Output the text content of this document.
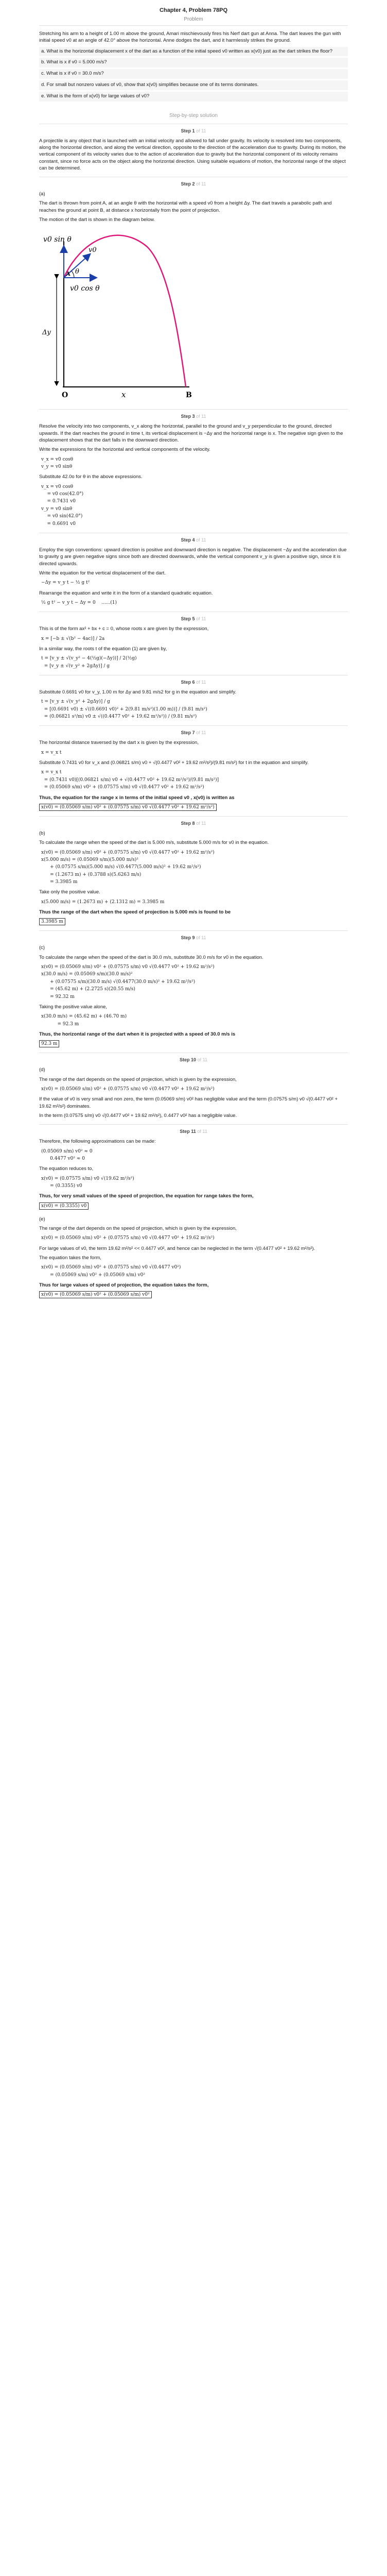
Chapter 4, Problem 78PQ
Problem

Stretching his arm to a height of 1.00 m above the ground, Amari mischievously fires his Nerf dart gun at Anna. The dart leaves the gun with initial speed v0 at an angle of 42.0° above the horizontal. Anne dodges the dart, and it harmlessly strikes the ground.

a. What is the horizontal displacement x of the dart as a function of the initial speed v0 written as x(v0) just as the dart strikes the floor?

b. What is x if v0 = 5.000 m/s?

c. What is x if v0 = 30.0 m/s?

d. For small but nonzero values of v0, show that x(v0) simplifies because one of its terms dominates.

e. What is the form of x(v0) for large values of v0?

Step-by-step solution
Step 1 of 11

A projectile is any object that is launched with an initial velocity and allowed to fall under gravity. Its velocity is resolved into two components, along the horizontal direction, and along the vertical direction, opposite to the direction of the acceleration due to gravity. During its motion, the vertical component of its velocity varies due to the action of acceleration due to gravity but the horizontal component of its velocity remains constant, since no force acts on the object along the horizontal direction. Using suitable equations of motion, the horizontal range of the object can be determined.

Step 2 of 11

(a)

The dart is thrown from point A, at an angle θ with the horizontal with a speed v0 from a height Δy. The dart travels a parabolic path and reaches the ground at point B, at distance x horizontally from the point of projection.

The motion of the dart is shown in the diagram below.

v0 sin θ
v0
θ
v0 cos θ
Δy
A
O	x	B
Step 3 of 11

Resolve the velocity into two components, v_x along the horizontal, parallel to the ground and v_y perpendicular to the ground, directed upwards. If the dart reaches the ground in time t, its vertical displacement is −Δy and the horizontal range is x. The negative sign given to the displacement shows that the dart falls in the downward direction.

Write the expressions for the horizontal and vertical components of the velocity.

v_x = v0 cosθ
v_y = v0 sinθ

Substitute 42.0o for θ in the above expressions.

v_x = v0 cosθ
= v0 cos(42.0°)
= 0.7431 v0
v_y = v0 sinθ
= v0 sin(42.0°)
= 0.6691 v0
Step 4 of 11

Employ the sign conventions: upward direction is positive and downward direction is negative. The displacement −Δy and the acceleration due to gravity g are given negative signs since both are directed downwards, while the vertical component v_y is given a positive sign, since it is directed upwards.

Write the equation for the vertical displacement of the dart.

−Δy = v_y t − ½ g t²

Rearrange the equation and write it in the form of a standard quadratic equation.

½ g t² − v_y t − Δy = 0    ......(1)
Step 5 of 11

This is of the form ax² + bx + c = 0, whose roots x are given by the expression,

x = [−b ± √(b² − 4ac)] / 2a

In a similar way, the roots t of the equation (1) are given by,

t = [v_y ± √(v_y² − 4(½g)(−Δy))] / 2(½g)
= [v_y ± √(v_y² + 2gΔy)] / g
Step 6 of 11

Substitute 0.6691 v0 for v_y, 1.00 m for Δy and 9.81 m/s2 for g in the equation and simplify.

t = [v_y ± √(v_y² + 2gΔy)] / g
= [(0.6691 v0) ± √((0.6691 v0)² + 2(9.81 m/s²)(1.00 m))] / (9.81 m/s²)
= (0.06821 s²/m) v0 ± √((0.4477 v0² + 19.62 m²/s²)) / (9.81 m/s²)
Step 7 of 11

The horizontal distance traversed by the dart x is given by the expression,

x = v_x t

Substitute 0.7431 v0 for v_x and (0.06821 s/m) v0 + √(0.4477 v0² + 19.62 m²/s²)/(9.81 m/s²) for t in the equation and simplify.

x = v_x t
= (0.7431 v0)[(0.06821 s/m) v0 + √(0.4477 v0² + 19.62 m²/s²)/(9.81 m/s²)]
= (0.05069 s/m) v0² + (0.07575 s/m) v0 √(0.4477 v0² + 19.62 m²/s²)

Thus, the equation for the range x in terms of the initial speed v0 , x(v0) is written as

x(v0) = (0.05069 s/m) v0² + (0.07575 s/m) v0 √(0.4477 v0² + 19.62 m²/s²)
Step 8 of 11

(b)

To calculate the range when the speed of the dart is 5.000 m/s, substitute 5.000 m/s for v0 in the equation.

x(v0) = (0.05069 s/m) v0² + (0.07575 s/m) v0 √(0.4477 v0² + 19.62 m²/s²)
x(5.000 m/s) = (0.05069 s/m)(5.000 m/s)²
+ (0.07575 s/m)(5.000 m/s) √(0.4477(5.000 m/s)² + 19.62 m²/s²)
= (1.2673 m) + (0.3788 s)(5.6263 m/s)
= 3.3985 m

Take only the positive value.

x(5.000 m/s) = (1.2673 m) + (2.1312 m) = 3.3985 m

Thus the range of the dart when the speed of projection is 5.000 m/s is found to be

3.3985 m
Step 9 of 11

(c)

To calculate the range when the speed of the dart is 30.0 m/s, substitute 30.0 m/s for v0 in the equation.

x(v0) = (0.05069 s/m) v0² + (0.07575 s/m) v0 √(0.4477 v0² + 19.62 m²/s²)
x(30.0 m/s) = (0.05069 s/m)(30.0 m/s)²
+ (0.07575 s/m)(30.0 m/s) √(0.4477(30.0 m/s)² + 19.62 m²/s²)
= (45.62 m) + (2.2725 s)(20.55 m/s)
= 92.32 m

Taking the positive value alone,

x(30.0 m/s) = (45.62 m) + (46.70 m)
= 92.3 m

Thus, the horizontal range of the dart when it is projected with a speed of 30.0 m/s is

92.3 m
Step 10 of 11

(d)

The range of the dart depends on the speed of projection, which is given by the expression,

x(v0) = (0.05069 s/m) v0² + (0.07575 s/m) v0 √(0.4477 v0² + 19.62 m²/s²)

If the value of v0 is very small and non zero, the term (0.05069 s/m) v0² has negligible value and the term (0.07575 s/m) v0 √(0.4477 v0² + 19.62 m²/s²) dominates.

In the term (0.07575 s/m) v0 √(0.4477 v0² + 19.62 m²/s²), 0.4477 v0² has a negligible value.

Step 11 of 11

Therefore, the following approximations can be made:

(0.05069 s/m) v0² ≈ 0
0.4477 v0² ≈ 0

The equation reduces to,

x(v0) = (0.07575 s/m) v0 √(19.62 m²/s²)
= (0.3355) v0

Thus, for very small values of the speed of projection, the equation for range takes the form,

x(v0) = (0.3355) v0

(e)

The range of the dart depends on the speed of projection, which is given by the expression,

x(v0) = (0.05069 s/m) v0² + (0.07575 s/m) v0 √(0.4477 v0² + 19.62 m²/s²)

For large values of v0, the term 19.62 m²/s² << 0.4477 v0², and hence can be neglected in the term √(0.4477 v0² + 19.62 m²/s²).

The equation takes the form,

x(v0) = (0.05069 s/m) v0² + (0.07575 s/m) v0 √(0.4477 v0²)
= (0.05069 s/m) v0² + (0.05069 s/m) v0²

Thus for large values of speed of projection, the equation takes the form,

x(v0) = (0.05069 s/m) v0² + (0.05069 s/m) v0²
